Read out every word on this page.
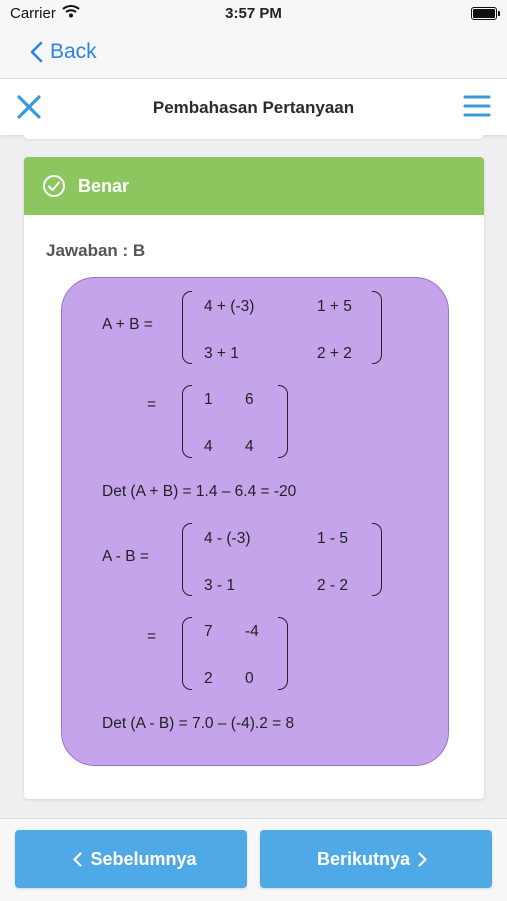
Carrier	3:57 PM
Back
Pembahasan Pertanyaan
Benar
Jawaban : B
A + B =
4 + (-3)	1 + 5
3 + 1	2 + 2
=	1 6
4 4
Det (A + B) = 1.4 – 6.4 = -20
A - B =
4 - (-3)	1 - 5
3 - 1	2 - 2
=	7 -4
2 0
Det (A - B) = 7.0 – (-4).2 = 8
Sebelumnya	Berikutnya
